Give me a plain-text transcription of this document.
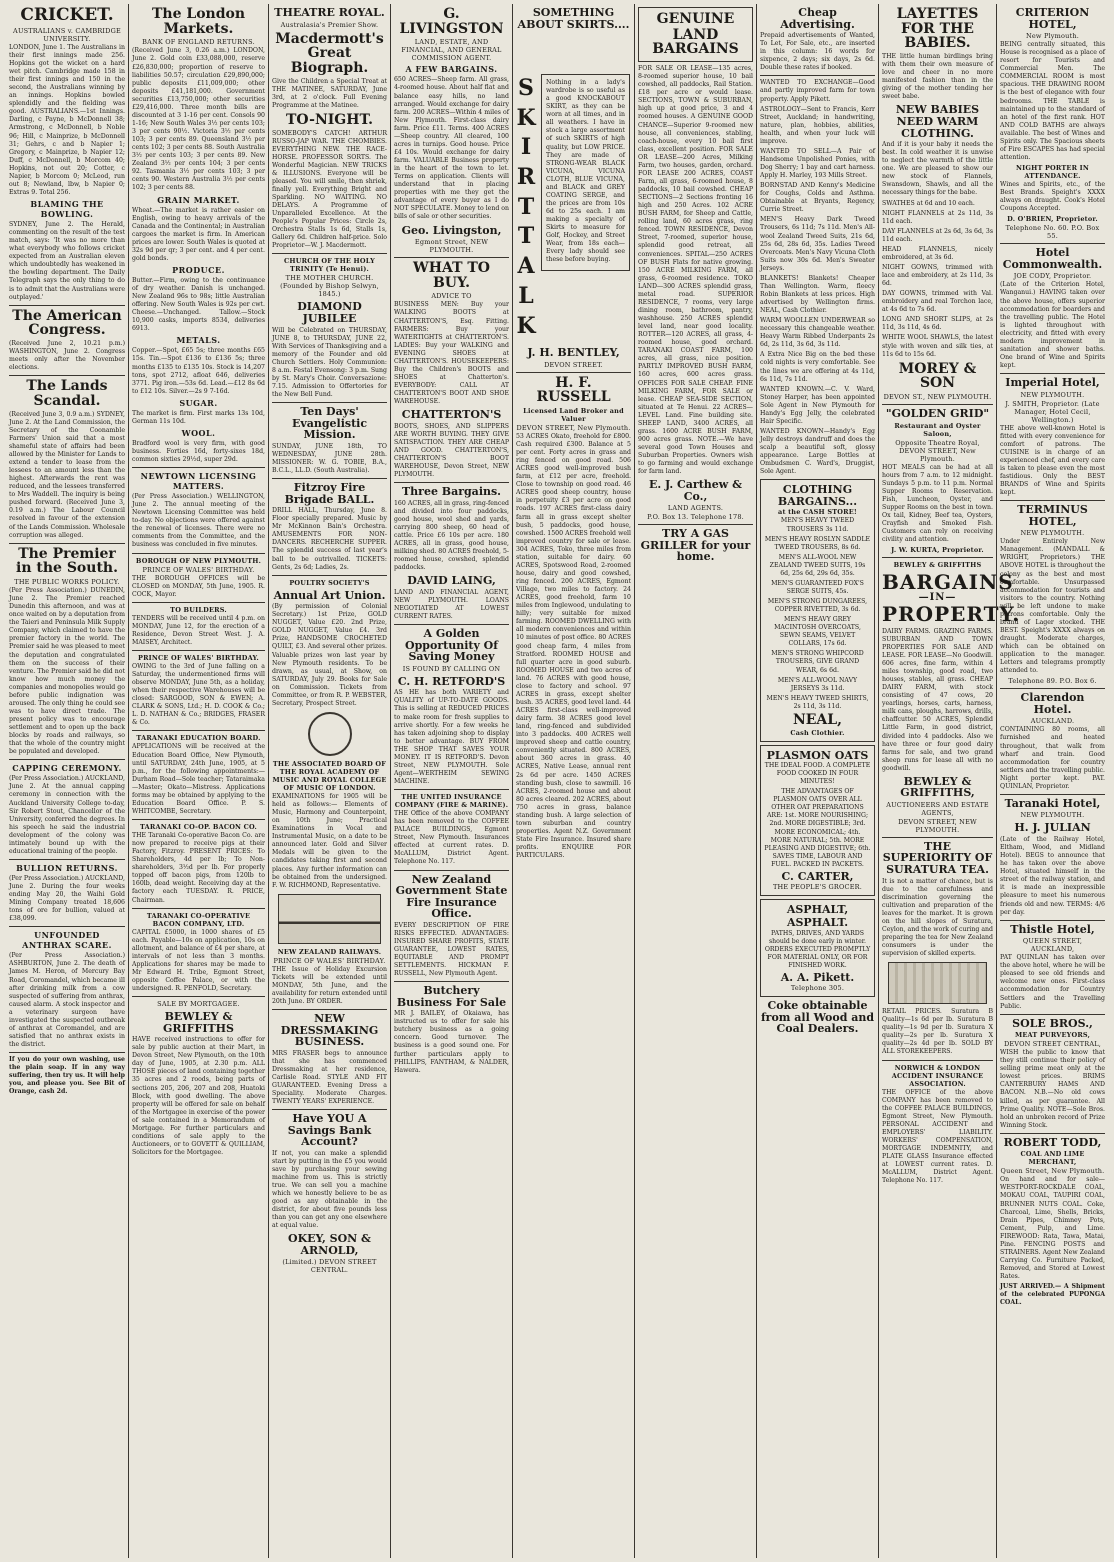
CRICKET.
AUSTRALIANS v. CAMBRIDGE UNIVERSITY.
LONDON, June 1. The Australians in their first innings made 256. Hopkins got the wicket on a hard wet pitch. Cambridge made 158 in their first innings and 150 in the second, the Australians winning by an innings. Hopkins bowled splendidly and the fielding was good. AUSTRALIANS.—1st Innings. Darling, c Payne, b McDonnell 38; Armstrong, c McDonnell, b Noble 96; Hill, c Mainprize, b McDonnell 31; Gehrs, c and b Napier 1; Gregory, c Mainprize, b Napier 12; Duff, c McDonnell, b Morcom 40; Hopkins, not out 20; Cotter, c Napier, b Morcom 0; McLeod, run out 8; Newland, lbw, b Napier 0; Extras 9. Total 256.
BLAMING THE BOWLING.
SYDNEY, June 2. The Herald, commenting on the result of the test match, says: 'It was no more than what everybody who follows cricket expected from an Australian eleven which undoubtedly has weakened in the bowling department. The Daily Telegraph says the only thing to do is to admit that the Australians were outplayed.'
The American Congress.
(Received June 2, 10.21 p.m.) WASHINGTON, June 2. Congress meets only after the November elections.
The Lands Scandal.
(Received June 3, 0.9 a.m.) SYDNEY, June 2. At the Land Commission, the Secretary of the Coonamble Farmers' Union said that a most shameful state of affairs had been allowed by the Minister for Lands to extend a tender to lease from the lessees to an amount less than the highest. Afterwards the rent was reduced, and the lessees transferred to Mrs Waddell. The inquiry is being pushed forward. (Received June 3, 0.19 a.m.) The Labour Council resolved in favour of the extension of the Lands Commission. Wholesale corruption was alleged.
The Premier in the South.
THE PUBLIC WORKS POLICY.
(Per Press Association.) DUNEDIN, June 2. The Premier reached Dunedin this afternoon, and was at once waited on by a deputation from the Taieri and Peninsula Milk Supply Company, which claimed to have the premier factory in the world. The Premier said he was pleased to meet the deputation and congratulated them on the success of their venture. The Premier said he did not know how much money the companies and monopolies would go before public indignation was aroused. The only thing he could see was to have direct trade. The present policy was to encourage settlement and to open up the back blocks by roads and railways, so that the whole of the country might be populated and developed.
CAPPING CEREMONY.
(Per Press Association.) AUCKLAND, June 2. At the annual capping ceremony in connection with the Auckland University College to-day, Sir Robert Stout, Chancellor of the University, conferred the degrees. In his speech he said the industrial development of the colony was intimately bound up with the educational training of the people.
BULLION RETURNS.
(Per Press Association.) AUCKLAND, June 2. During the four weeks ending May 20, the Waihi Gold Mining Company treated 18,606 tons of ore for bullion, valued at £38,099.
UNFOUNDED ANTHRAX SCARE.
(Per Press Association.) ASHBURTON, June 2. The death of James M. Heron, of Mercury Bay Road, Coromandel, which became ill after drinking milk from a cow suspected of suffering from anthrax, caused alarm. A stock inspector and a veterinary surgeon have investigated the suspected outbreak of anthrax at Coromandel, and are satisfied that no anthrax exists in the district.
If you do your own washing, use the plain soap. If in any way suffering, then try us. It will help you, and please you. See Bit of Orange, cash 2d.
The London Markets.
BANK OF ENGLAND RETURNS.
(Received June 3, 0.26 a.m.) LONDON, June 2. Gold coin £33,088,000, reserve £26,830,000; proportion of reserve to liabilities 50.57; circulation £29,890,000; public deposits £11,009,000; other deposits £41,181,000. Government securities £13,750,000; other securities £29,416,000. Three month bills are discounted at 3 1-16 per cent. Consols 90 1-16; New South Wales 3½ per cents 103; 3 per cents 90½. Victoria 3½ per cents 103; 3 per cents 89. Queensland 3½ per cents 102; 3 per cents 88. South Australia 3½ per cents 103; 3 per cents 89. New Zealand 3½ per cents 104; 3 per cents 92. Tasmania 3½ per cents 103; 3 per cents 90. Western Australia 3½ per cents 102; 3 per cents 88.
GRAIN MARKET.
Wheat.—The market is rather easier on English, owing to heavy arrivals of the Canada and the Continental; in Australian cargoes the market is firm. In American prices are lower. South Wales is quoted at 32s 9d per qr; 3 per cent. and 4 per cent. gold bonds.
PRODUCE.
Butter.—Firm, owing to the continuance of dry weather. Danish is unchanged. New Zealand 96s to 98s; little Australian offering. New South Wales is 92s per cwt. Cheese.—Unchanged. Tallow.—Stock 10,900 casks, imports 8534, deliveries 6913.
METALS.
Copper.—Spot, £65 5s; three months £65 15s. Tin.—Spot £136 to £136 5s; three months £135 to £135 10s. Stock is 14,207 tons, spot 2712, afloat 646, deliveries 3771. Pig iron.—53s 6d. Lead.—£12 8s 6d to £12 10s. Silver.—2s 9 7-16d.
SUGAR.
The market is firm. First marks 13s 10d, German 11s 10d.
WOOL.
Bradford wool is very firm, with good business. Forties 16d, forty-sixes 18d, common sixties 29½d, super 29d.
NEWTOWN LICENSING MATTERS.
(Per Press Association.) WELLINGTON, June 2. The annual meeting of the Newtown Licensing Committee was held to-day. No objections were offered against the renewal of licenses. There were no comments from the Committee, and the business was concluded in five minutes.
BOROUGH OF NEW PLYMOUTH.
PRINCE OF WALES' BIRTHDAY.
THE BOROUGH OFFICES will be CLOSED on MONDAY, 5th June, 1905. R. COCK, Mayor.
TO BUILDERS.
TENDERS will be received until 4 p.m. on MONDAY, June 12, for the erection of a Residence, Devon Street West. J. A. MAISEY, Architect.
PRINCE OF WALES' BIRTHDAY.
OWING to the 3rd of June falling on a Saturday, the undermentioned firms will observe MONDAY, June 5th, as a holiday, when their respective Warehouses will be closed: SARGOOD, SON & EWEN; A. CLARK & SONS, Ltd.; H. D. COOK & Co.; L. D. NATHAN & Co.; BRIDGES, FRASER & Co.
TARANAKI EDUCATION BOARD.
APPLICATIONS will be received at the Education Board Office, New Plymouth, until SATURDAY, 24th June, 1905, at 5 p.m., for the following appointments:— Durham Road—Sole teacher; Tataraimaka—Master; Okato—Mistress. Applications forms may be obtained by applying to the Education Board Office. P. S. WHITCOMBE, Secretary.
TARANAKI CO-OP. BACON CO.
THE Taranaki Co-operative Bacon Co. are now prepared to receive pigs at their Factory, Fitzroy. PRESENT PRICES: To Shareholders, 4d per lb; To Non-shareholders, 3½d per lb. For properly topped off bacon pigs, from 120lb to 160lb, dead weight. Receiving day at the factory each TUESDAY. R. PRICE, Chairman.
TARANAKI CO-OPERATIVE BACON COMPANY, LTD.
CAPITAL £5000, in 1000 shares of £5 each. Payable—10s on application, 10s on allotment, and balance of £4 per share, at intervals of not less than 3 months. Applications for shares may be made to Mr Edward H. Tribe, Egmont Street, opposite Coffee Palace, or with the undersigned. R. PENFOLD, Secretary.
SALE BY MORTGAGEE.
BEWLEY & GRIFFITHS
HAVE received instructions to offer for sale by public auction at their Mart, in Devon Street, New Plymouth, on the 10th day of June, 1905, at 2.30 p.m. ALL THOSE pieces of land containing together 35 acres and 2 roods, being parts of sections 205, 206, 207 and 208, Huatoki Block, with good dwelling. The above property will be offered for sale on behalf of the Mortgagee in exercise of the power of sale contained in a Memorandum of Mortgage. For further particulars and conditions of sale apply to the Auctioneers, or to GOVETT & QUILLIAM, Solicitors for the Mortgagee.
THEATRE ROYAL.
Australasia's Premier Show.
Macdermott's Great Biograph.
Give the Children a Special Treat at THE MATINEE, SATURDAY, June 3rd, at 2 o'clock. Full Evening Programme at the Matinee.
TO-NIGHT.
SOMEBODY'S CATCH! ARTHUR RUSSO-JAP WAR. THE CHOMBIES. EVERYTHING NEW. THE RACE-HORSE. PROFESSOR SORTS. The Wonderful Magician. NEW TRICKS & ILLUSIONS. Everyone will be pleased. You will smile, then shriek, finally yell. Everything Bright and Sparkling. NO WAITING. NO DELAYS. A Programme of Unparalleled Excellence. At the People's Popular Prices: Circle 2s, Orchestra Stalls 1s 6d, Stalls 1s, Gallery 6d. Children half-price. Solo Proprietor—W. J. Macdermott.
CHURCH OF THE HOLY TRINITY (Te Henui).
THE MOTHER CHURCH. (Founded by Bishop Selwyn, 1845.)
DIAMOND JUBILEE
Will be Celebrated on THURSDAY, JUNE 8, to THURSDAY, JUNE 22, With Services of Thanksgiving and a memory of the Founder and old Church Settlers. Holy Communion: 8 a.m. Festal Evensong: 3 p.m. Sung by St. Mary's Choir. Conversazione: 7.15. Admission to Offertories for the New Bell Fund.
Ten Days' Evangelistic Mission.
SUNDAY, JUNE 18th, TO WEDNESDAY, JUNE 28th. MISSIONER: W. G. TOBIE, B.A., B.C.L., LL.D. (South Australia).
Fitzroy Fire Brigade BALL.
DRILL HALL, Thursday, June 8. Floor specially prepared. Music by Mr McKinnon Bain's Orchestra. AMUSEMENTS FOR NON-DANCERS. RECHERCHE SUPPER. The splendid success of last year's ball to be outrivalled. TICKETS: Gents, 2s 6d; Ladies, 2s.
POULTRY SOCIETY'S
Annual Art Union.
(By permission of Colonial Secretary.) 1st Prize, GOLD NUGGET, Value £20. 2nd Prize, GOLD NUGGET, Value £4. 3rd Prize, HANDSOME CROCHETED QUILT, £3. And several other prizes. Valuable prizes won last year by New Plymouth residents. To be drawn, as usual, at Show, on SATURDAY, July 29. Books for Sale on Commission. Tickets from Committee, or from R. P. WEBSTER, Secretary, Prospect Street.
THE ASSOCIATED BOARD OF THE ROYAL ACADEMY OF MUSIC AND ROYAL COLLEGE OF MUSIC OF LONDON.
EXAMINATIONS for 1905 will be held as follows:— Elements of Music, Harmony and Counterpoint, on 10th June; Practical Examinations in Vocal and Instrumental Music, on a date to be announced later. Gold and Silver Medals will be given to the candidates taking first and second places. Any further information can be obtained from the undersigned. F. W. RICHMOND, Representative.
NEW ZEALAND RAILWAYS.
PRINCE OF WALES' BIRTHDAY.
THE Issue of Holiday Excursion Tickets will be extended until MONDAY, 5th June, and the availability for return extended until 20th June. BY ORDER.
NEW DRESSMAKING BUSINESS.
MRS FRASER begs to announce that she has commenced Dressmaking at her residence, Carlisle Road. STYLE AND FIT GUARANTEED. Evening Dress a Speciality. Moderate Charges. TWENTY YEARS' EXPERIENCE.
Have YOU A Savings Bank Account?
If not, you can make a splendid start by putting in the £5 you would save by purchasing your sewing machine from us. This is strictly true. We can sell you a machine which we honestly believe to be as good as any obtainable in the district, for about five pounds less than you can get any one elsewhere at equal value.
OKEY, SON & ARNOLD,
(Limited.) DEVON STREET CENTRAL.
G. LIVINGSTON
LAND, ESTATE, AND FINANCIAL, AND GENERAL COMMISSION AGENT.
A FEW BARGAINS.
650 ACRES—Sheep farm. All grass, 4-roomed house. About half flat and balance easy hills, no land arranged. Would exchange for dairy farm. 200 ACRES—Within 4 miles of New Plymouth. First-class dairy farm. Price £11. Terms. 400 ACRES—Sheep country. All cleared, 100 acres in turnips. Good house. Price £4 10s. Would exchange for dairy farm. VALUABLE Business property in the heart of the town to let. Terms on application. Clients will understand that in placing properties with me they get the advantage of every buyer as I do NOT SPECULATE. Money to lend on bills of sale or other securities.
Geo. Livingston,
Egmont Street, NEW PLYMOUTH.
WHAT TO BUY.
ADVICE TO
BUSINESS MEN: Buy your WALKING BOOTS at CHATTERTON'S, Esq. Fitting. FARMERS: Buy your WATERTIGHTS at CHATTERTON'S. LADIES: Buy your WALKING and EVENING SHOES at CHATTERTON'S. HOUSEKEEPERS: Buy the Children's BOOTS and SHOES at Chatterton's. EVERYBODY: CALL AT CHATTERTON'S BOOT AND SHOE WAREHOUSE.
CHATTERTON'S
BOOTS, SHOES, AND SLIPPERS ARE WORTH BUYING. THEY GIVE SATISFACTION. THEY ARE CHEAP AND GOOD. CHATTERTON'S, CHATTERTON'S BOOT WAREHOUSE, Devon Street, NEW PLYMOUTH.
Three Bargains.
160 ACRES, all in grass, ring-fenced and divided into four paddocks, good house, wool shed and yards, carrying 800 sheep, 60 head of cattle. Price £6 10s per acre. 180 ACRES, all in grass, good house, milking shed. 80 ACRES freehold, 5-roomed house, cowshed, splendid paddocks.
DAVID LAING,
LAND AND FINANCIAL AGENT, NEW PLYMOUTH. LOANS NEGOTIATED AT LOWEST CURRENT RATES.
A Golden Opportunity Of Saving Money
IS FOUND BY CALLING ON
C. H. RETFORD'S
AS HE has both VARIETY and QUALITY of UP-TO-DATE GOODS. This is selling at REDUCED PRICES to make room for fresh supplies to arrive shortly. For a few weeks he has taken adjoining shop to display to better advantage. BUY FROM THE SHOP THAT SAVES YOUR MONEY. IT IS RETFORD'S. Devon Street, NEW PLYMOUTH. Sole Agent—WERTHEIM SEWING MACHINE.
THE UNITED INSURANCE COMPANY (FIRE & MARINE).
THE Office of the above COMPANY has been removed to the COFFEE PALACE BUILDINGS, Egmont Street, New Plymouth. Insurances effected at current rates. D. McALLUM, District Agent. Telephone No. 117.
New Zealand Government State Fire Insurance Office.
EVERY DESCRIPTION OF FIRE RISKS EFFECTED. ADVANTAGES: INSURED SHARE PROFITS, STATE GUARANTEE, LOWEST RATES, EQUITABLE AND PROMPT SETTLEMENTS. HICKMAN F. RUSSELL, New Plymouth Agent.
Butchery Business For Sale
MR J. BAILEY, of Okaiawa, has instructed us to offer for sale his butchery business as a going concern. Good turnover. The business is a good sound one. For further particulars apply to PHILLIPS, FANTHAM, & NALDER, Hawera.
SOMETHING ABOUT SKIRTS....
S
K
I
R
T
T
A
L
K
Nothing in a lady's wardrobe is so useful as a good KNOCKABOUT SKIRT, as they can be worn at all times, and in all weathers. I have in stock a large assortment of such SKIRTS of high quality, but LOW PRICE. They are made of STRONG-WEAR BLACK VICUNA, VICUNA CLOTH, BLUE VICUNA, and BLACK and GREY COATING SERGE, and the prices are from 10s 6d to 25s each. I am making a specialty of Skirts to measure for Golf, Hockey, and Street Wear, from 18s each—Every lady should see these before buying.
J. H. BENTLEY,
DEVON STREET.
H. F. RUSSELL
Licensed Land Broker and Valuer
DEVON STREET, New Plymouth.
53 ACRES Okato, freehold for £800. Cash required £300. Balance at 5 per cent. Forty acres in grass and ring fenced on good road. 506 ACRES good well-improved bush farm, at £12 per acre, freehold. Close to township on good road. 46 ACRES good sheep country, house in perpetuity £3 per acre on good roads. 197 ACRES first-class dairy farm all in grass except shelter bush, 5 paddocks, good house, cowshed. 1500 ACRES freehold well improved country for sale or lease. 304 ACRES, Toko, three miles from station, suitable for dairy. 60 ACRES, Spotswood Road, 2-roomed house, dairy and good cowshed, ring fenced. 200 ACRES, Egmont Village, two miles to factory. 24 ACRES, good freehold, farm 10 miles from Inglewood, undulating to hilly; very suitable for mixed farming. ROOMED DWELLING with all modern conveniences and within 10 minutes of post office. 80 ACRES good cheap farm, 4 miles from Stratford. ROOMED HOUSE and full quarter acre in good suburb. ROOMED HOUSE and two acres of land. 76 ACRES with good house, close to factory and school. 97 ACRES in grass, except shelter bush. 35 ACRES, good level land. 44 ACRES first-class well-improved dairy farm. 38 ACRES good level land, ring-fenced and subdivided into 3 paddocks. 400 ACRES well improved sheep and cattle country, conveniently situated. 800 ACRES, about 360 acres in grass. 40 ACRES, Native Lease, annual rent 2s 6d per acre. 1450 ACRES standing bush, close to sawmill. 16 ACRES, 2-roomed house and about 80 acres cleared. 202 ACRES, about 750 acres in grass, balance standing bush. A large selection of town suburban and country properties. Agent N.Z. Government State Fire Insurance. Insured share profits. ENQUIRE FOR PARTICULARS.
GENUINE
LAND BARGAINS
FOR SALE OR LEASE—135 acres, 8-roomed superior house, 10 bail cowshed, all paddocks, Rail Station. £18 per acre or would lease. SECTIONS, TOWN & SUBURBAN, high up at good price, 3 and 4 roomed houses. A GENUINE GOOD CHANCE—Superior 9-roomed new house, all conveniences, stabling, coach-house, every 10 bail first class, excellent position. FOR SALE OR LEASE—200 Acres, Milking Farm, two houses, garden, orchard. FOR LEASE 200 ACRES, COAST Farm, all grass, 6-roomed house, 8 paddocks, 10 bail cowshed. CHEAP SECTIONS—2 Sections fronting 16 high and 250 Acres. 102 ACRE BUSH FARM, for Sheep and Cattle, rolling land, 60 acres grass, ring fenced. TOWN RESIDENCE, Devon Street, 7-roomed, superior house, splendid good retreat, all conveniences. SPITAL—250 ACRES OF BUSH Flats for native growing. 150 ACRE MILKING FARM, all grass, 6-roomed residence. TOKO LAND—300 ACRES splendid grass, metal road. SUPERIOR RESIDENCE, 7 rooms, very large dining room, bathroom, pantry, washhouse. 250 ACRES splendid level land, near good locality. ROTTER—120 ACRES, all grass, 4-roomed house, good orchard. TARANAKI COAST FARM, 100 acres, all grass, nice position. PARTLY IMPROVED BUSH FARM, 160 acres, 600 acres grass. OFFICES FOR SALE CHEAP. FINE MILKING FARM, FOR SALE or lease. CHEAP SEA-SIDE SECTION, situated at Te Henui. 22 ACRES—LEVEL Land. Fine building site. SHEEP LAND, 3400 ACRES, all grass. 1600 ACRE BUSH FARM, 900 acres grass. NOTE.—We have several good Town Houses and Suburban Properties. Owners wish to go farming and would exchange for farm land.
E. J. Carthew & Co.,
LAND AGENTS.
P.O. Box 13. Telephone 178.
TRY A GAS GRILLER for your home.
Cheap Advertising.
Prepaid advertisements of Wanted, To Let, For Sale, etc., are inserted in this column: 16 words for sixpence, 2 days; six days, 2s 6d. Double these rates if booked.
WANTED TO EXCHANGE—Good and partly improved farm for town property. Apply Pikett.
ASTROLOGY—Sent to Francis, Kerr Street, Auckland; in handwriting, nature, plan, hobbies, abilities, health, and when your luck will improve.
WANTED TO SELL—A Pair of Handsome Unpolished Ponies, with Dog Sherry; 1 bay and cart harness. Apply H. Marley, 193 Mills Street.
BORNSTAD AND Kenny's Medicine for Coughs, Colds and Asthma. Obtainable at Bryants, Regency, Currie Street.
MEN'S Heavy Dark Tweed Trousers, 6s 11d; 7s 11d. Men's All-wool Zealand Tweed Suits, 21s 6d, 25s 6d, 28s 6d, 35s. Ladies Tweed Overcoats. Men's Navy Vicuna Cloth Suits now 30s 6d. Men's Sweater Jerseys.
BLANKETS! Blankets! Cheaper Than Wellington. Warm, fleecy Robin Blankets at less prices. High advertised by Wellington firms. NEAL, Cash Clothier.
WARM WOOLLEN UNDERWEAR so necessary this changeable weather. Heavy Warm Ribbed Underpants 2s 6d, 2s 11d, 3s 6d, 3s 11d.
A Extra Nice Big on the bed these cold nights is very comfortable. See the lines we are offering at 4s 11d, 6s 11d, 7s 11d.
WANTED KNOWN.—C. V. Ward, Stoney Harper, has been appointed Sole Agent in New Plymouth for Handy's Egg Jelly, the celebrated Hair Specific.
WANTED KNOWN—Handy's Egg Jelly destroys dandruff and does the scalp a beautiful soft, glossy appearance. Large Bottles at Ombudsmen C. Ward's, Druggist, Sole Agent.
CLOTHING BARGAINS...
at the CASH STORE!
MEN'S HEAVY TWEED TROUSERS 3s 11d.
MEN'S HEAVY ROSLYN SADDLE TWEED TROUSERS, 8s 6d.
MEN'S ALL-WOOL NEW ZEALAND TWEED SUITS, 19s 6d, 25s 6d, 29s 6d, 35s.
MEN'S GUARANTEED FOX'S SERGE SUITS, 45s.
MEN'S STRONG DUNGAREES, COPPER RIVETTED, 3s 6d.
MEN'S HEAVY GREY MACINTOSH OVERCOATS, SEWN SEAMS, VELVET COLLARS, 17s 6d.
MEN'S STRONG WHIPCORD TROUSERS, GIVE GRAND WEAR, 6s 6d.
MEN'S ALL-WOOL NAVY JERSEYS 3s 11d.
MEN'S HEAVY TWEED SHIRTS, 2s 11d, 3s 11d.
NEAL,
Cash Clothier.
PLASMON OATS
THE IDEAL FOOD. A COMPLETE FOOD COOKED IN FOUR MINUTES!
THE ADVANTAGES OF PLASMON OATS OVER ALL OTHER OAT PREPARATIONS ARE: 1st. MORE NOURISHING; 2nd. MORE DIGESTIBLE; 3rd. MORE ECONOMICAL; 4th. MORE NATURAL; 5th. MORE PLEASING AND DIGESTIVE; 6th. SAVES TIME, LABOUR AND FUEL. PACKED IN PACKETS.
C. CARTER,
THE PEOPLE'S GROCER.
ASPHALT,
ASPHALT.
PATHS, DRIVES, AND YARDS should be done early in winter. ORDERS EXECUTED PROMPTLY FOR MATERIAL ONLY, OR FOR FINISHED WORK.
A. A. Pikett.
Telephone 305.
Coke obtainable from all Wood and Coal Dealers.
LAYETTES FOR THE BABIES.
THE little human birdlings bring with them their own measure of love and cheer in no more manifested fashion than in the giving of the mother tending her sweet babe.
NEW BABIES NEED WARM CLOTHING.
And if it is your baby it needs the best. In cold weather it is unwise to neglect the warmth of the little one. We are pleased to show our new stock of Flannels, Swansdown, Shawls, and all the necessary things for the babe.
SWATHES at 6d and 10 each.
NIGHT FLANNELS at 2s 11d, 3s 11d each.
DAY FLANNELS at 2s 6d, 3s 6d, 3s 11d each.
HEAD FLANNELS, nicely embroidered, at 3s 6d.
NIGHT GOWNS, trimmed with lace and embroidery, at 2s 11d, 3s 6d.
DAY GOWNS, trimmed with Val. embroidery and real Torchon lace, at 4s 6d to 7s 6d.
LONG AND SHORT SLIPS, at 2s 11d, 3s 11d, 4s 6d.
WHITE WOOL SHAWLS, the latest style with woven and silk ties, at 11s 6d to 15s 6d.
MOREY & SON
DEVON ST., NEW PLYMOUTH.
"GOLDEN GRID"
Restaurant and Oyster Saloon,
Opposite Theatre Royal, DEVON STREET, New Plymouth.
HOT MEALS can be had at all hours from 7 a.m. to 12 midnight. Sundays 5 p.m. to 11 p.m. Normal Supper Rooms to Reservation. Fish, Luncheon, Oyster, and Supper Rooms on the best in town. Ox tail, Kidney, Beef tea, Oysters, Crayfish and Smoked Fish. Customers can rely on receiving civility and attention.
J. W. KURTA, Proprietor.
BEWLEY & GRIFFITHS
BARGAINS
—IN—
PROPERTY.
DAIRY FARMS. GRAZING FARMS. SUBURBAN AND TOWN PROPERTIES FOR SALE AND LEASE. FOR LEASE—No Goodwill. 606 acres, fine farm, within 4 miles township, good road, two houses, stables, all grass. CHEAP DAIRY FARM, with stock consisting of 47 cows, 20 yearlings, horses, carts, harness, milk cans, ploughs, harrows, drills, chaffcutter. 50 ACRES, Splendid Little Farm, in good district, divided into 4 paddocks. Also we have three or four good dairy farms for sale, and two grand sheep runs for lease all with no goodwill.
BEWLEY & GRIFFITHS,
AUCTIONEERS AND ESTATE AGENTS,
DEVON STREET, NEW PLYMOUTH.
THE SUPERIORITY OF SURATURA TEA.
It is not a matter of chance, but is due to the carefulness and discrimination governing the cultivation and preparation of the leaves for the market. It is grown on the hill slopes of Suratura, Ceylon, and the work of curing and preparing the tea for New Zealand consumers is under the supervision of skilled experts.
RETAIL PRICES. Suratura B Quality—1s 6d per lb. Suratura B quality—1s 9d per lb. Suratura X quality—2s per lb. Suratura X quality—2s 4d per lb. SOLD BY ALL STOREKEEPERS.
NORWICH & LONDON ACCIDENT INSURANCE ASSOCIATION.
THE OFFICE of the above COMPANY has been removed to the COFFEE PALACE BUILDINGS, Egmont Street, New Plymouth. PERSONAL ACCIDENT and EMPLOYERS' LIABILITY. WORKERS' COMPENSATION, MORTGAGE INDEMNITY, and PLATE GLASS Insurance effected at LOWEST current rates. D. McALLUM, District Agent. Telephone No. 117.
CRITERION HOTEL,
New Plymouth.
BEING centrally situated, this House is recognised as a place of resort for Tourists and Commercial Men. The COMMERCIAL ROOM is most spacious. THE DRAWING ROOM is the best of elegance with four bedrooms. THE TABLE is maintained up to the standard of an hotel of the first rank. HOT AND COLD BATHS are always available. The best of Wines and Spirits only. The Spacious sheets of Fire ESCAPES has had special attention.
NIGHT PORTER IN ATTENDANCE.
Wines and Spirits, etc., of the Best Brands. Speight's XXXX always on draught. Cook's Hotel Coupons Accepted.
D. O'BRIEN, Proprietor.
Telephone No. 60. P.O. Box 55.
Hotel Commonwealth.
JOE CODY, Proprietor.
(Late of the Criterion Hotel, Wanganui.) HAVING taken over the above house, offers superior accommodation for boarders and the travelling public. The Hotel is lighted throughout with electricity, and fitted with every modern improvement in sanitation and shower baths. One brand of Wine and Spirits kept.
Imperial Hotel,
NEW PLYMOUTH.
J. SMITH, Proprietor. (Late Manager, Hotel Cecil, Wellington.)
THE above well-known Hotel is fitted with every convenience for comfort of patrons. The CUISINE is in charge of an experienced chef, and every care is taken to please even the most fastidious. Only the BEST BRANDS of Wine and Spirits kept.
TERMINUS HOTEL,
NEW PLYMOUTH.
Under Entirely New Management. (MANDALL & WRIGHT, Proprietors.) THE ABOVE HOTEL is throughout the colony as the best and most comfortable. Unsurpassed accommodation for tourists and visitors to the country. Nothing will be left undone to make patrons comfortable. Only the brand of Lager stocked. THE BEST. Speight's XXXX always on draught. Moderate charges, which can be obtained on application to the manager. Letters and telegrams promptly attended to.
Telephone 89. P.O. Box 6.
Clarendon Hotel.
AUCKLAND.
CONTAINING 80 rooms, all furnished and heated throughout, that walk from wharf and train. Good accommodation for country settlers and the travelling public. Night porter kept. PAT. QUINLAN, Proprietor.
Taranaki Hotel,
NEW PLYMOUTH.
H. J. JULIAN
(Late of the Railway Hotel, Eltham, Wood, and Midland Hotel). BEGS to announce that he has taken over the above Hotel, situated himself in the street of the railway station, and it is made an inexpressible pleasure to meet his numerous friends old and new. TERMS: 4/6 per day.
Thistle Hotel,
QUEEN STREET, AUCKLAND,
PAT QUINLAN has taken over the above hotel, where he will be pleased to see old friends and welcome new ones. First-class accommodation for Country Settlers and the Travelling Public.
SOLE BROS.,
MEAT PURVEYORS,
DEVON STREET CENTRAL,
WISH the public to know that they still continue their policy of selling prime meat only at the lowest prices. BRIMS CANTERBURY HAMS AND BACON. N.B.—No old cows killed, as per guarantee. All Prime Quality. NOTE—Sole Bros. hold an unbroken record of Prize Winning Stock.
ROBERT TODD,
COAL AND LIME MERCHANT,
Queen Street, New Plymouth.
On hand and for sale— WESTPORT-ROCKDALE COAL, MOKAU COAL, TAUPIRI COAL, BRUNNER NUTS COAL. Coke, Charcoal, Lime, Shells, Bricks, Drain Pipes, Chimney Pots, Cement, Pulp, and Lime. FIREWOOD: Rata, Tawa, Matai, Pine. FENCING POSTS and STRAINERS. Agent New Zealand Carrying Co. Furniture Packed, Removed, and Stored at Lowest Rates.
JUST ARRIVED.— A Shipment of the celebrated PUPONGA COAL.
